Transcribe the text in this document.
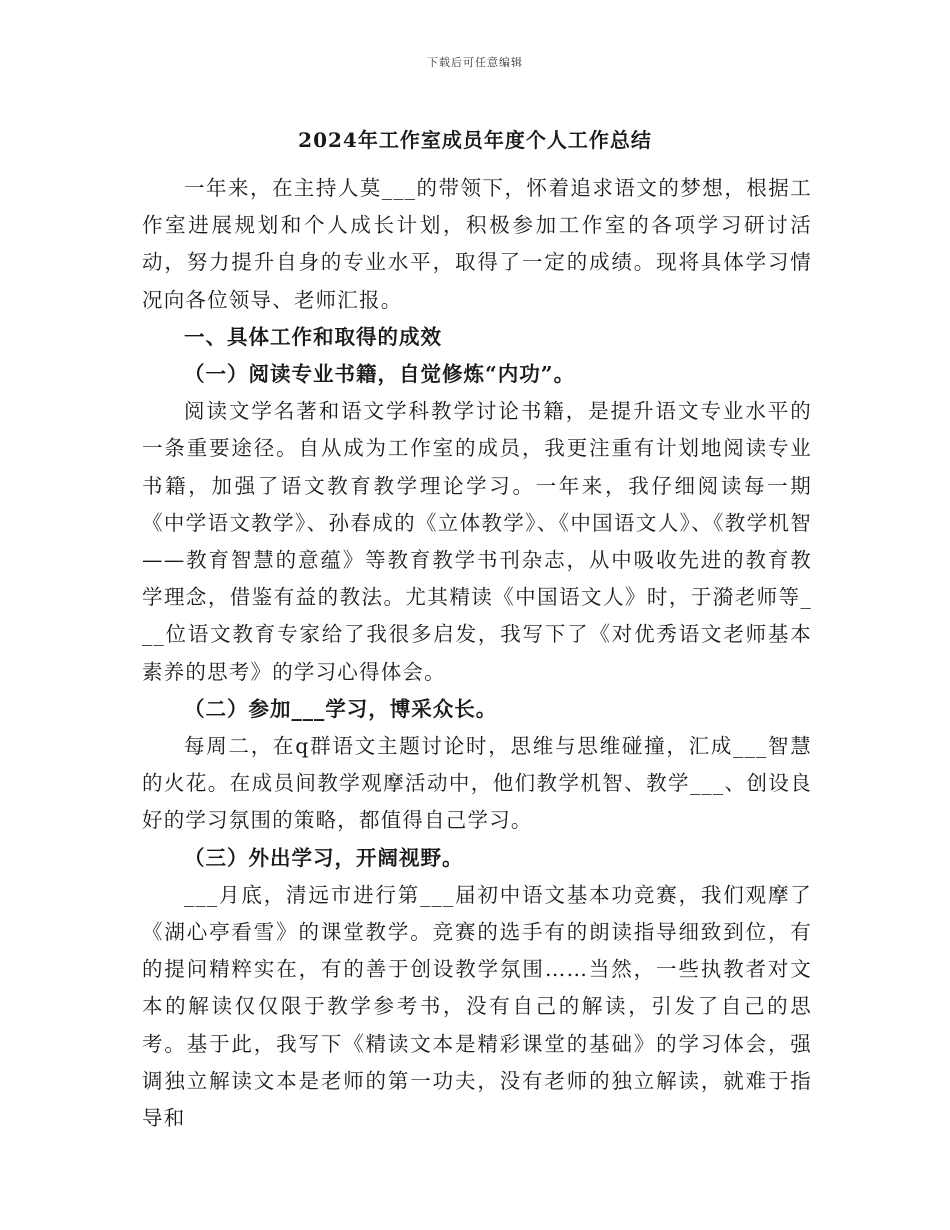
下载后可任意编辑
2024年工作室成员年度个人工作总结

一年来，在主持人莫___的带领下，怀着追求语文的梦想，根据工作室进展规划和个人成长计划，积极参加工作室的各项学习研讨活动，努力提升自身的专业水平，取得了一定的成绩。现将具体学习情况向各位领导、老师汇报。

一、具体工作和取得的成效

（一）阅读专业书籍，自觉修炼“内功”。

阅读文学名著和语文学科教学讨论书籍，是提升语文专业水平的一条重要途径。自从成为工作室的成员，我更注重有计划地阅读专业书籍，加强了语文教育教学理论学习。一年来，我仔细阅读每一期《中学语文教学》、孙春成的《立体教学》、《中国语文人》、《教学机智——教育智慧的意蕴》等教育教学书刊杂志，从中吸收先进的教育教学理念，借鉴有益的教法。尤其精读《中国语文人》时，于漪老师等___位语文教育专家给了我很多启发，我写下了《对优秀语文老师基本素养的思考》的学习心得体会。

（二）参加___学习，博采众长。

每周二，在q群语文主题讨论时，思维与思维碰撞，汇成___智慧的火花。在成员间教学观摩活动中，他们教学机智、教学___、创设良好的学习氛围的策略，都值得自己学习。

（三）外出学习，开阔视野。

___月底，清远市进行第___届初中语文基本功竞赛，我们观摩了《湖心亭看雪》的课堂教学。竞赛的选手有的朗读指导细致到位，有的提问精粹实在，有的善于创设教学氛围……当然，一些执教者对文本的解读仅仅限于教学参考书，没有自己的解读，引发了自己的思考。基于此，我写下《精读文本是精彩课堂的基础》的学习体会，强调独立解读文本是老师的第一功夫，没有老师的独立解读，就难于指导和
